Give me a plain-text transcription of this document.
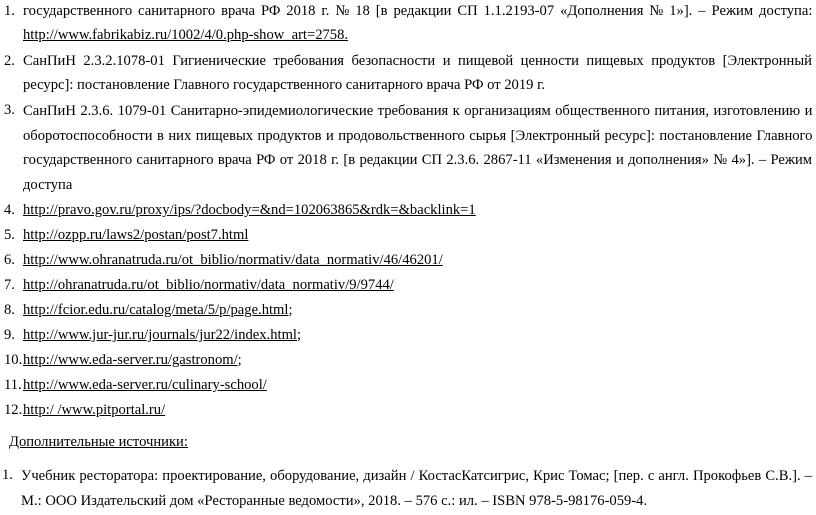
1. государственного санитарного врача РФ 2018 г. № 18 [в редакции СП 1.1.2193-07 «Дополнения № 1»]. – Режим доступа:
http://www.fabrikabiz.ru/1002/4/0.php-show_art=2758.
2. СанПиН 2.3.2.1078-01 Гигиенические требования безопасности и пищевой ценности пищевых продуктов [Электронный
ресурс]: постановление Главного государственного санитарного врача РФ от 2019 г.
3. СанПиН 2.3.6. 1079-01 Санитарно-эпидемиологические требования к организациям общественного питания, изготовлению и
оборотоспособности в них пищевых продуктов и продовольственного сырья [Электронный ресурс]: постановление Главного
государственного санитарного врача РФ от 2018 г. [в редакции СП 2.3.6. 2867-11 «Изменения и дополнения» № 4»]. – Режим
доступа
4. http://pravo.gov.ru/proxy/ips/?docbody=&nd=102063865&rdk=&backlink=1
5. http://ozpp.ru/laws2/postan/post7.html
6. http://www.ohranatruda.ru/ot_biblio/normativ/data_normativ/46/46201/
7. http://ohranatruda.ru/ot_biblio/normativ/data_normativ/9/9744/
8. http://fcior.edu.ru/catalog/meta/5/p/page.html;
9. http://www.jur-jur.ru/journals/jur22/index.html;
10. http://www.eda-server.ru/gastronom/;
11. http://www.eda-server.ru/culinary-school/
12. http:/ /www.pitportal.ru/
Дополнительные источники:
1. Учебник ресторатора: проектирование, оборудование, дизайн / КостасКатсигрис, Крис Томас; [пер. с англ. Прокофьев С.В.]. –
М.: ООО Издательский дом «Ресторанные ведомости», 2018. – 576 с.: ил. – ISBN 978-5-98176-059-4.
